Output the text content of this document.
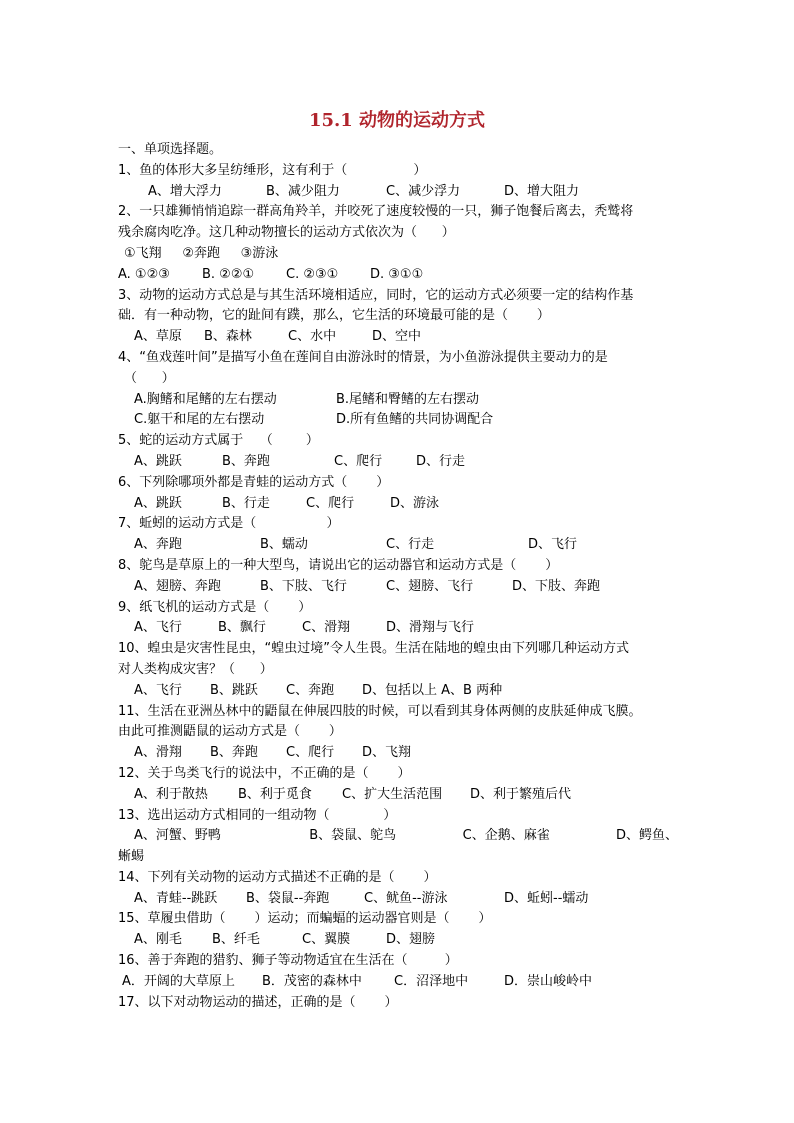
15.1 动物的运动方式
一、单项选择题。
1、鱼的体形大多呈纺缍形，这有利于（                ）
A、增大浮力	B、减少阻力	C、减少浮力	D、增大阻力
2、一只雄狮悄悄追踪一群高角羚羊，并咬死了速度较慢的一只，狮子饱餐后离去，秃鹫将
残余腐肉吃净。这几种动物擅长的运动方式依次为（      ）
①飞翔     ②奔跑     ③游泳
A. ①②③	B. ②②①	C. ②③①	D. ③①①
3、动物的运动方式总是与其生活环境相适应，同时，它的运动方式必须要一定的结构作基
础．有一种动物，它的趾间有蹼，那么，它生活的环境最可能的是（       ）
A、草原	B、森林	C、水中	D、空中
4、“鱼戏莲叶间”是描写小鱼在莲间自由游泳时的情景，为小鱼游泳提供主要动力的是
（      ）
A.胸鳍和尾鳍的左右摆动	B.尾鳍和臀鳍的左右摆动
C.躯干和尾的左右摆动	D.所有鱼鳍的共同协调配合
5、蛇的运动方式属于    （        ）
A、跳跃	B、奔跑	C、爬行	D、行走
6、下列除哪项外都是青蛙的运动方式（       ）
A、跳跃	B、行走	C、爬行	D、游泳
7、蚯蚓的运动方式是（                 ）
A、奔跑	B、蠕动	C、行走	D、飞行
8、鸵鸟是草原上的一种大型鸟，请说出它的运动器官和运动方式是（       ）
A、翅膀、奔跑	B、下肢、飞行	C、翅膀、飞行	D、下肢、奔跑
9、纸飞机的运动方式是（       ）
A、飞行	B、飘行	C、滑翔	D、滑翔与飞行
10、蝗虫是灾害性昆虫，“蝗虫过境”令人生畏。生活在陆地的蝗虫由下列哪几种运动方式
对人类构成灾害？（      ）
A、飞行	B、跳跃	C、奔跑	D、包括以上 A、B 两种
11、生活在亚洲丛林中的鼯鼠在伸展四肢的时候，可以看到其身体两侧的皮肤延伸成飞膜。
由此可推测鼯鼠的运动方式是（       ）
A、滑翔	B、奔跑	C、爬行	D、飞翔
12、关于鸟类飞行的说法中，不正确的是（       ）
A、利于散热	B、利于觅食	C、扩大生活范围	D、利于繁殖后代
13、选出运动方式相同的一组动物（             ）
A、河蟹、野鸭	B、袋鼠、鸵鸟	C、企鹅、麻雀	D、鳄鱼、
蜥蜴
14、下列有关动物的运动方式描述不正确的是（       ）
A、青蛙--跳跃	B、袋鼠--奔跑	C、鱿鱼--游泳	D、蚯蚓--蠕动
15、草履虫借助（       ）运动；而蝙蝠的运动器官则是（       ）
A、刚毛	B、纤毛	C、翼膜	D、翅膀
16、善于奔跑的猎豹、狮子等动物适宜在生活在（         ）
A．开阔的大草原上	B．茂密的森林中	C．沼泽地中	D．崇山峻岭中
17、以下对动物运动的描述，正确的是（       ）
